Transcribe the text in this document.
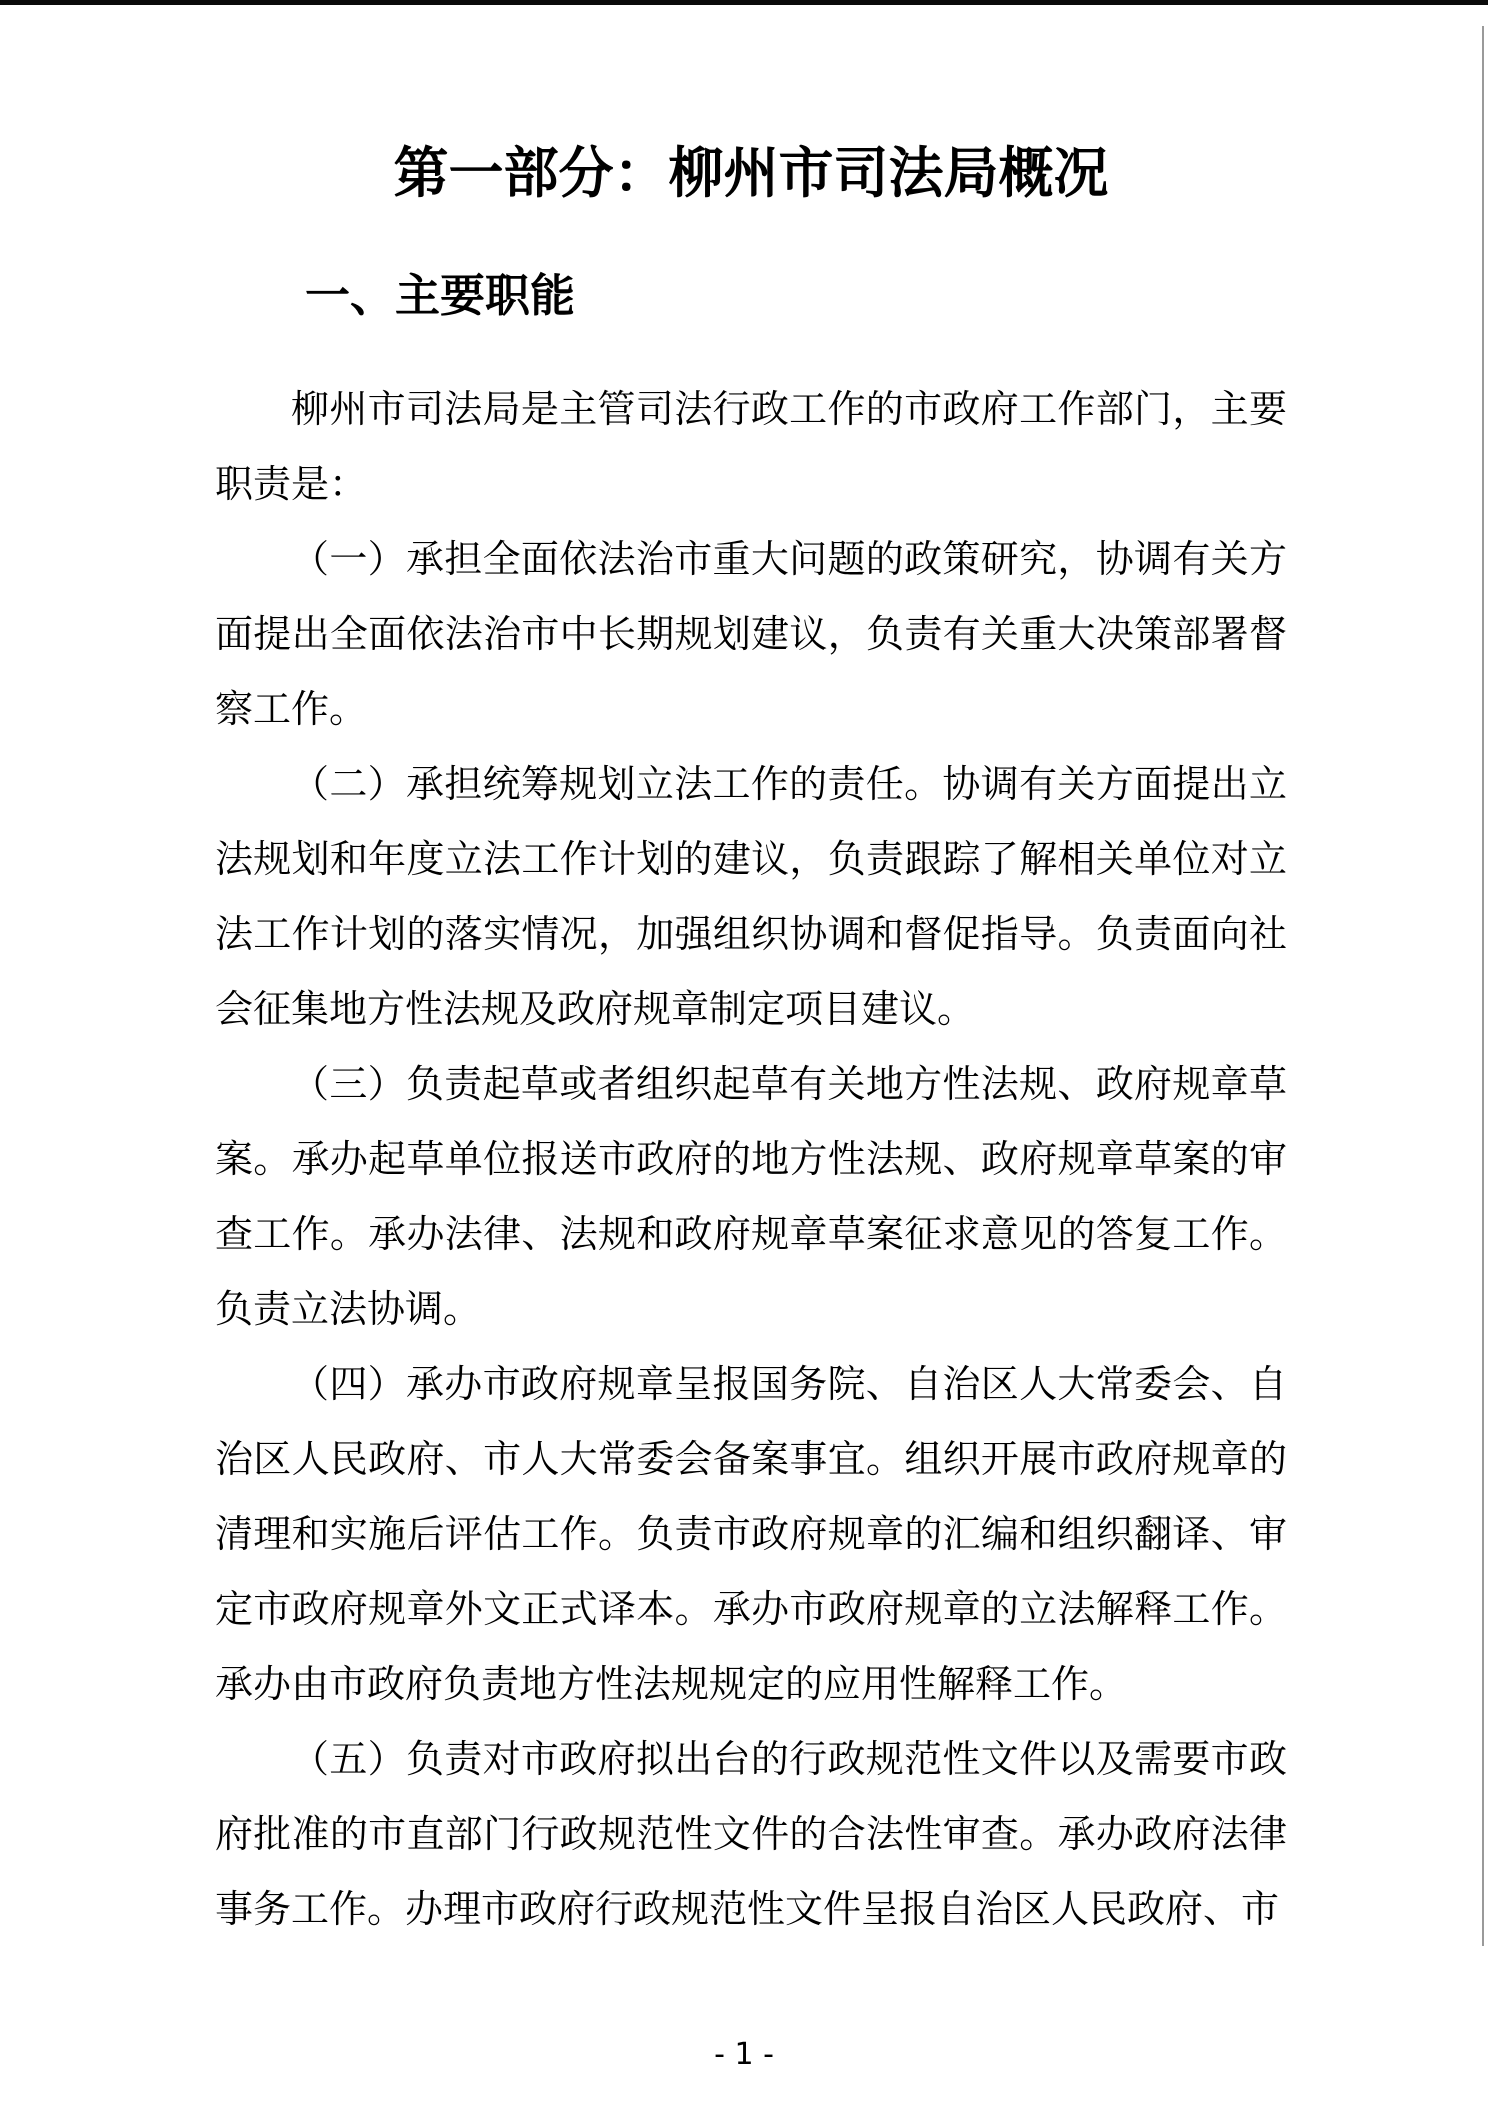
第一部分：柳州市司法局概况
一、主要职能

柳州市司法局是主管司法行政工作的市政府工作部门，主要职责是：

（一）承担全面依法治市重大问题的政策研究，协调有关方面提出全面依法治市中长期规划建议，负责有关重大决策部署督察工作。

（二）承担统筹规划立法工作的责任。协调有关方面提出立法规划和年度立法工作计划的建议，负责跟踪了解相关单位对立法工作计划的落实情况，加强组织协调和督促指导。负责面向社会征集地方性法规及政府规章制定项目建议。

（三）负责起草或者组织起草有关地方性法规、政府规章草案。承办起草单位报送市政府的地方性法规、政府规章草案的审查工作。承办法律、法规和政府规章草案征求意见的答复工作。负责立法协调。

（四）承办市政府规章呈报国务院、自治区人大常委会、自治区人民政府、市人大常委会备案事宜。组织开展市政府规章的清理和实施后评估工作。负责市政府规章的汇编和组织翻译、审定市政府规章外文正式译本。承办市政府规章的立法解释工作。承办由市政府负责地方性法规规定的应用性解释工作。

（五）负责对市政府拟出台的行政规范性文件以及需要市政府批准的市直部门行政规范性文件的合法性审查。承办政府法律事务工作。办理市政府行政规范性文件呈报自治区人民政府、市

- 1 -
